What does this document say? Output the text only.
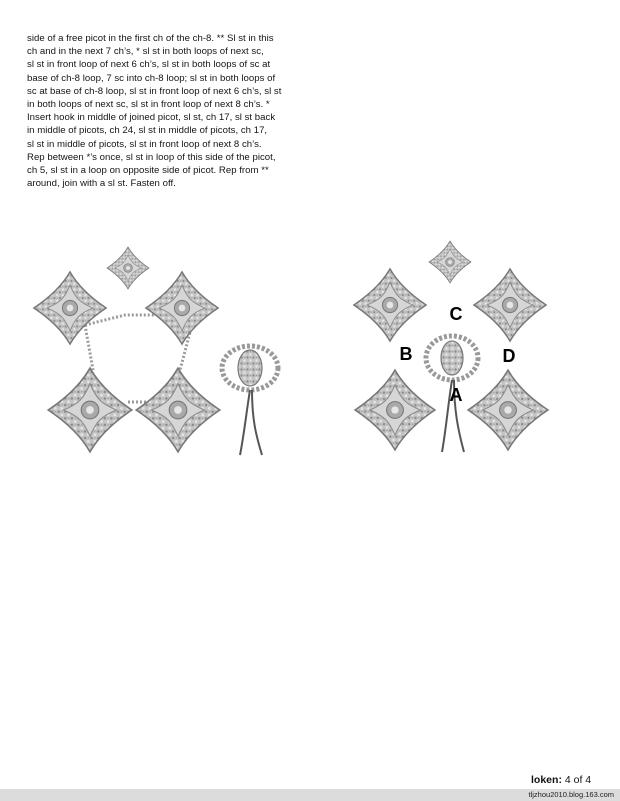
side of a free picot in the first ch of the ch-8. ** Sl st in this
ch and in the next 7 ch’s, * sl st in both loops of next sc,
sl st in front loop of next 6 ch’s, sl st in both loops of sc at
base of ch-8 loop, 7 sc into ch-8 loop; sl st in both loops of
sc at base of ch-8 loop, sl st in front loop of next 6 ch’s, sl st
in both loops of next sc, sl st in front loop of next 8 ch’s. *
Insert hook in middle of joined picot, sl st, ch 17, sl st back
in middle of picots, ch 24, sl st in middle of picots, ch 17,
sl st in middle of picots, sl st in front loop of next 8 ch’s.
Rep between *’s once, sl st in loop of this side of the picot,
ch 5, sl st in a loop on opposite side of picot. Rep from **
around, join with a sl st. Fasten off.
C
B	D
A
loken: 4 of 4
tljzhou2010.blog.163.com
